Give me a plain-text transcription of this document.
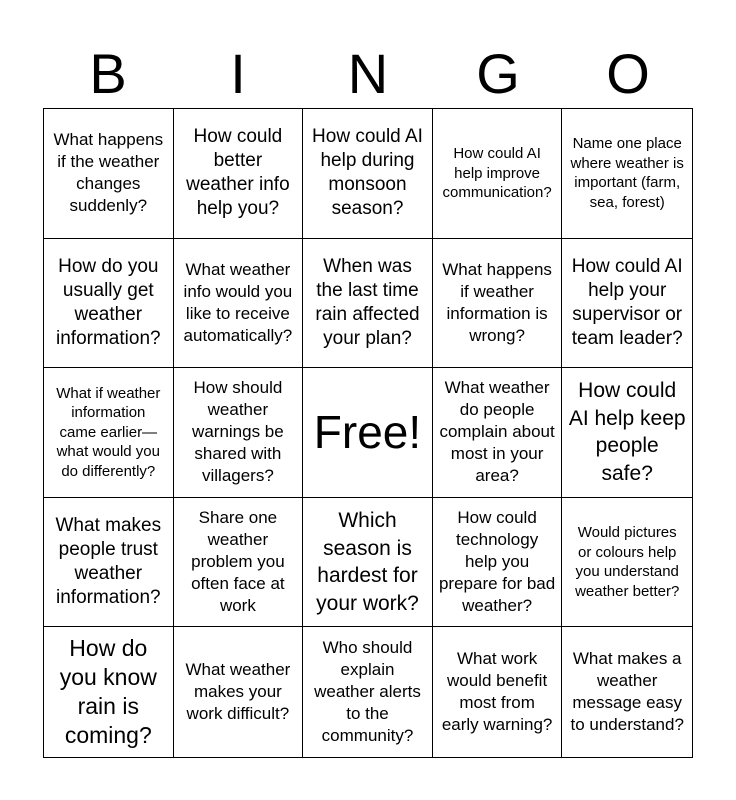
B	I	N	G	O
What happens if the weather changes suddenly?
How could better weather info help you?
How could AI help during monsoon season?
How could AI help improve communication?
Name one place where weather is important (farm, sea, forest)
How do you usually get weather information?
What weather info would you like to receive automatically?
When was the last time rain affected your plan?
What happens if weather information is wrong?
How could AI help your supervisor or team leader?
What if weather information came earlier—what would you do differently?
How should weather warnings be shared with villagers?
Free!
What weather do people complain about most in your area?
How could AI help keep people safe?
What makes people trust weather information?
Share one weather problem you often face at work
Which season is hardest for your work?
How could technology help you prepare for bad weather?
Would pictures or colours help you understand weather better?
How do you know rain is coming?
What weather makes your work difficult?
Who should explain weather alerts to the community?
What work would benefit most from early warning?
What makes a weather message easy to understand?
